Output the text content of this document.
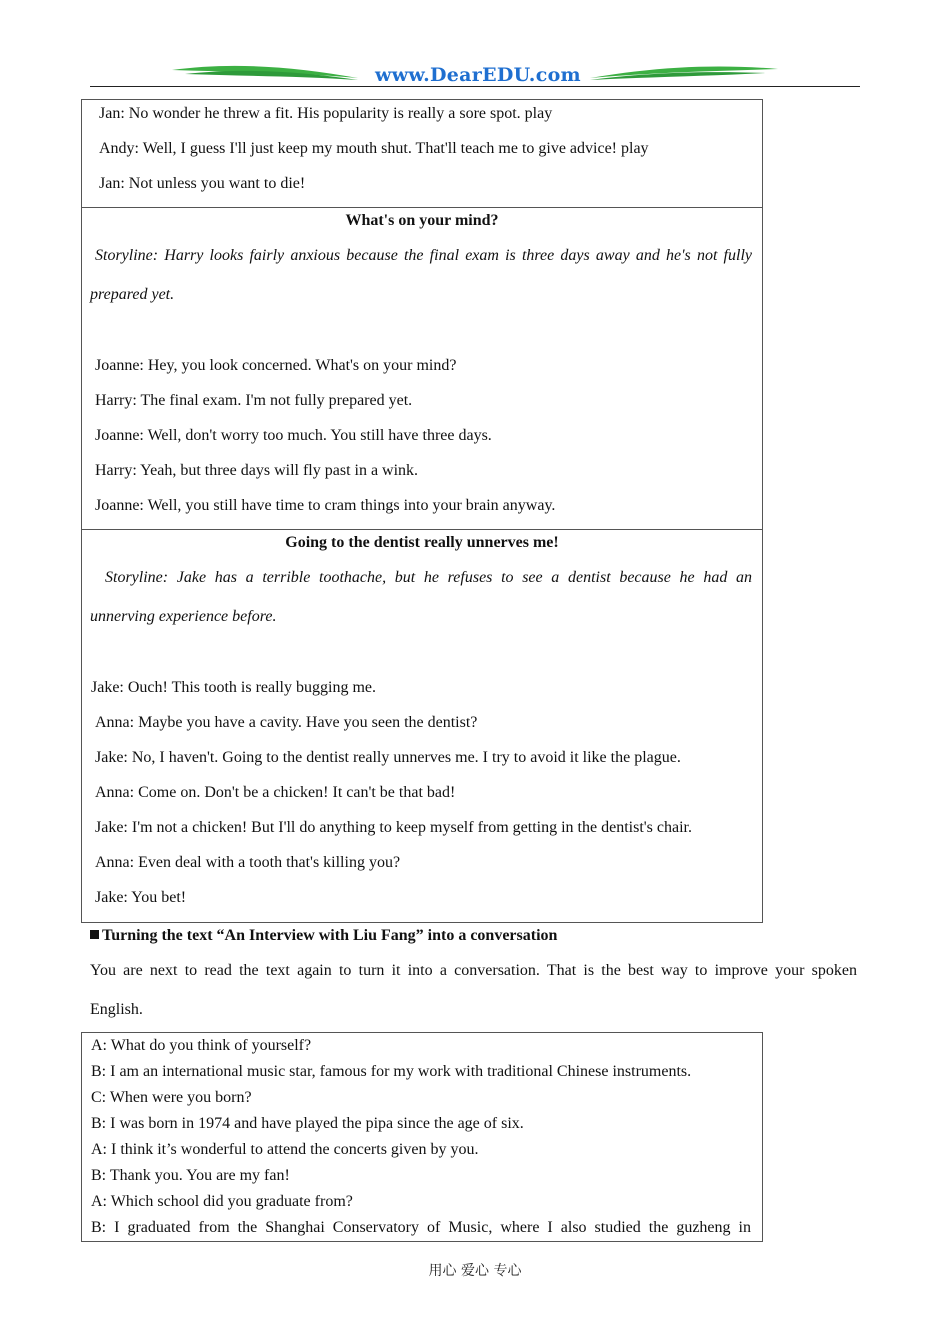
www.DearEDU.com
Jan: No wonder he threw a fit. His popularity is really a sore spot. play
Andy: Well, I guess I'll just keep my mouth shut. That'll teach me to give advice! play
Jan: Not unless you want to die!
What's on your mind?
Storyline: Harry looks fairly anxious because the final exam is three days away and he's not fully
prepared yet.
Joanne: Hey, you look concerned. What's on your mind?
Harry: The final exam. I'm not fully prepared yet.
Joanne: Well, don't worry too much. You still have three days.
Harry: Yeah, but three days will fly past in a wink.
Joanne: Well, you still have time to cram things into your brain anyway.
Going to the dentist really unnerves me!
Storyline: Jake has a terrible toothache, but he refuses to see a dentist because he had an
unnerving experience before.
Jake: Ouch! This tooth is really bugging me.
Anna: Maybe you have a cavity. Have you seen the dentist?
Jake: No, I haven't. Going to the dentist really unnerves me. I try to avoid it like the plague.
Anna: Come on. Don't be a chicken! It can't be that bad!
Jake: I'm not a chicken! But I'll do anything to keep myself from getting in the dentist's chair.
Anna: Even deal with a tooth that's killing you?
Jake: You bet!
Turning the text “An Interview with Liu Fang” into a conversation
You are next to read the text again to turn it into a conversation. That is the best way to improve your spoken
English.
A: What do you think of yourself?
B: I am an international music star, famous for my work with traditional Chinese instruments.
C: When were you born?
B: I was born in 1974 and have played the pipa since the age of six.
A: I think it’s wonderful to attend the concerts given by you.
B: Thank you. You are my fan!
A: Which school did you graduate from?
B: I graduated from the Shanghai Conservatory of Music, where I also studied the guzheng in
用心 爱心 专心
